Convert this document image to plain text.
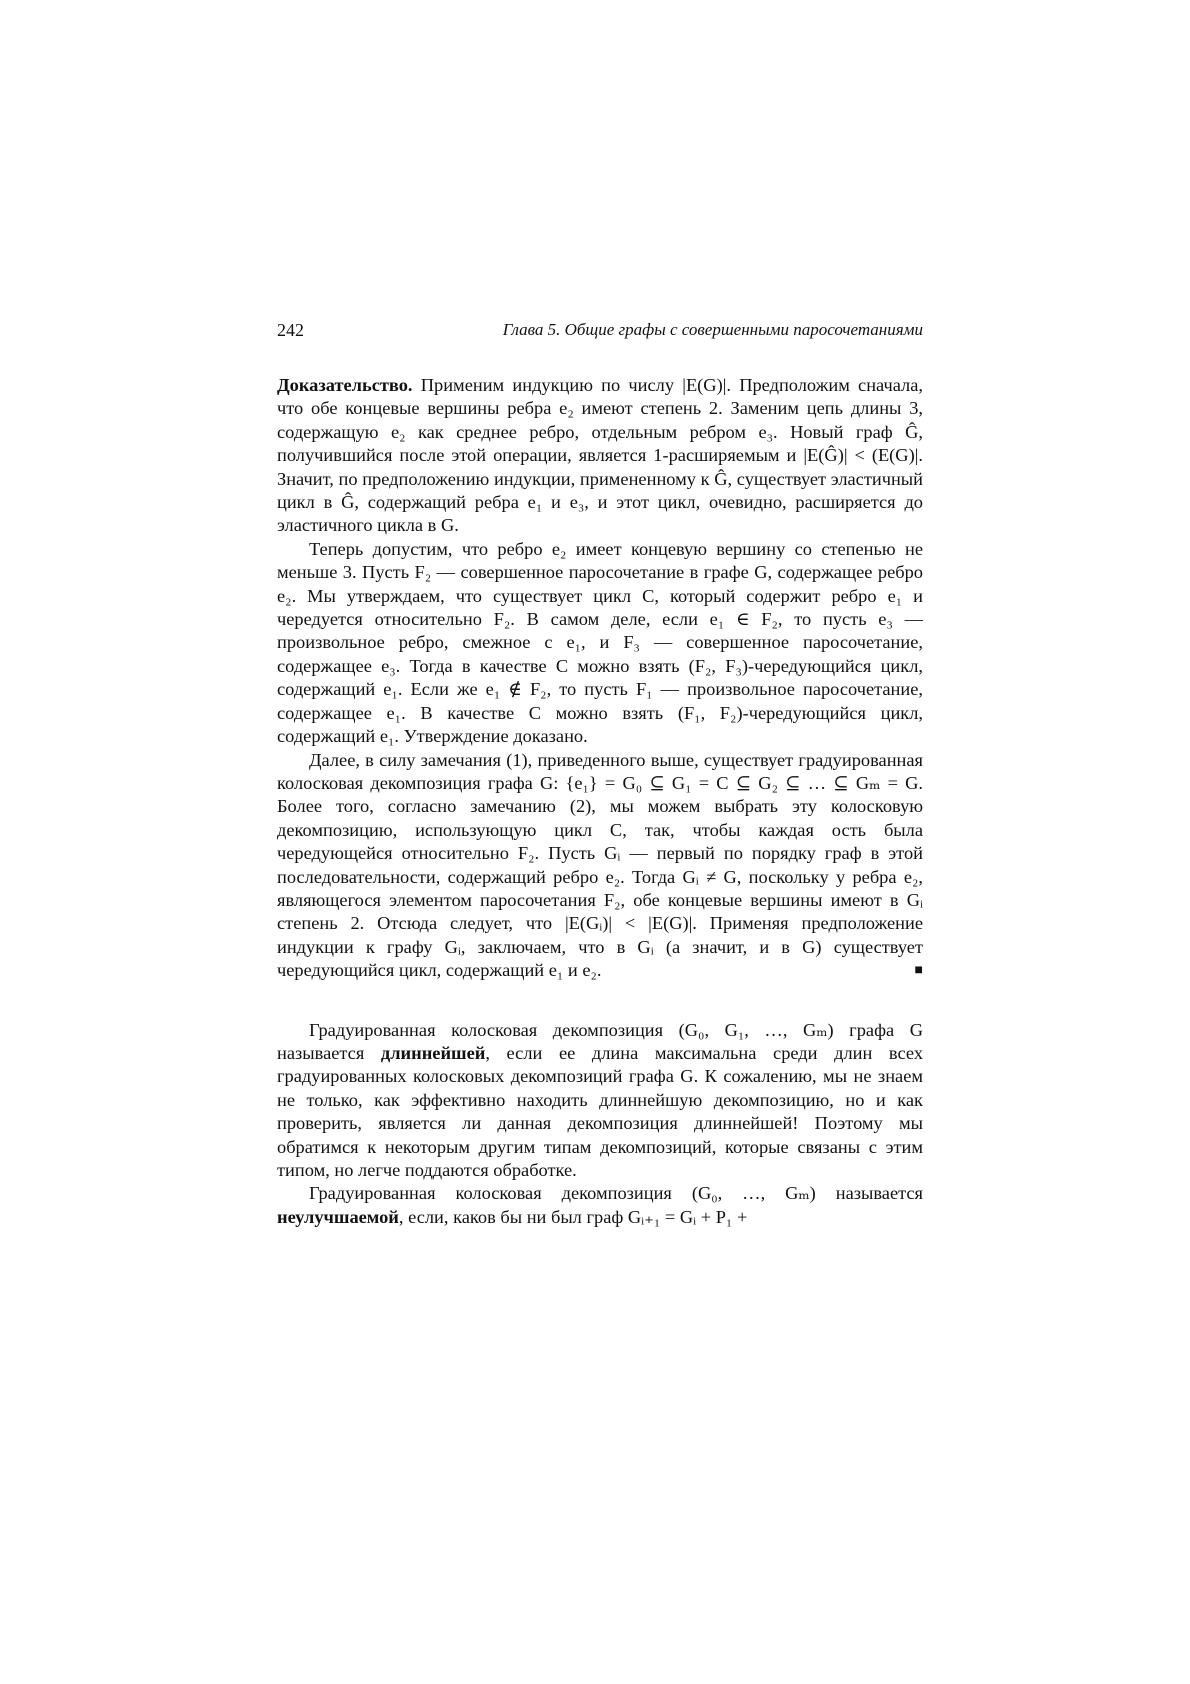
242	Глава 5. Общие графы с совершенными паросочетаниями

Доказательство. Применим индукцию по числу |E(G)|. Предположим сначала, что обе концевые вершины ребра e₂ имеют степень 2. Заменим цепь длины 3, содержащую e₂ как среднее ребро, отдельным ребром e₃. Новый граф Ĝ, получившийся после этой операции, является 1-расширяемым и |E(Ĝ)| < (E(G)|. Значит, по предположению индукции, примененному к Ĝ, существует эластичный цикл в Ĝ, содержащий ребра e₁ и e₃, и этот цикл, очевидно, расширяется до эластичного цикла в G.

Теперь допустим, что ребро e₂ имеет концевую вершину со степенью не меньше 3. Пусть F₂ — совершенное паросочетание в графе G, содержащее ребро e₂. Мы утверждаем, что существует цикл C, который содержит ребро e₁ и чередуется относительно F₂. В самом деле, если e₁ ∈ F₂, то пусть e₃ — произвольное ребро, смежное с e₁, и F₃ — совершенное паросочетание, содержащее e₃. Тогда в качестве C можно взять (F₂, F₃)-чередующийся цикл, содержащий e₁. Если же e₁ ∉ F₂, то пусть F₁ — произвольное паросочетание, содержащее e₁. В качестве C можно взять (F₁, F₂)-чередующийся цикл, содержащий e₁. Утверждение доказано.

Далее, в силу замечания (1), приведенного выше, существует градуированная колосковая декомпозиция графа G: {e₁} = G₀ ⊆ G₁ = C ⊆ G₂ ⊆ … ⊆ Gₘ = G. Более того, согласно замечанию (2), мы можем выбрать эту колосковую декомпозицию, использующую цикл C, так, чтобы каждая ость была чередующейся относительно F₂. Пусть Gᵢ — первый по порядку граф в этой последовательности, содержащий ребро e₂. Тогда Gᵢ ≠ G, поскольку у ребра e₂, являющегося элементом паросочетания F₂, обе концевые вершины имеют в Gᵢ степень 2. Отсюда следует, что |E(Gᵢ)| < |E(G)|. Применяя предположение индукции к графу Gᵢ, заключаем, что в Gᵢ (а значит, и в G) существует чередующийся цикл, содержащий e₁ и e₂.	■

Градуированная колосковая декомпозиция (G₀, G₁, …, Gₘ) графа G называется длиннейшей, если ее длина максимальна среди длин всех градуированных колосковых декомпозиций графа G. К сожалению, мы не знаем не только, как эффективно находить длиннейшую декомпозицию, но и как проверить, является ли данная декомпозиция длиннейшей! Поэтому мы обратимся к некоторым другим типам декомпозиций, которые связаны с этим типом, но легче поддаются обработке.

Градуированная колосковая декомпозиция (G₀, …, Gₘ) называется неулучшаемой, если, каков бы ни был граф Gᵢ₊₁ = Gᵢ + P₁ +
